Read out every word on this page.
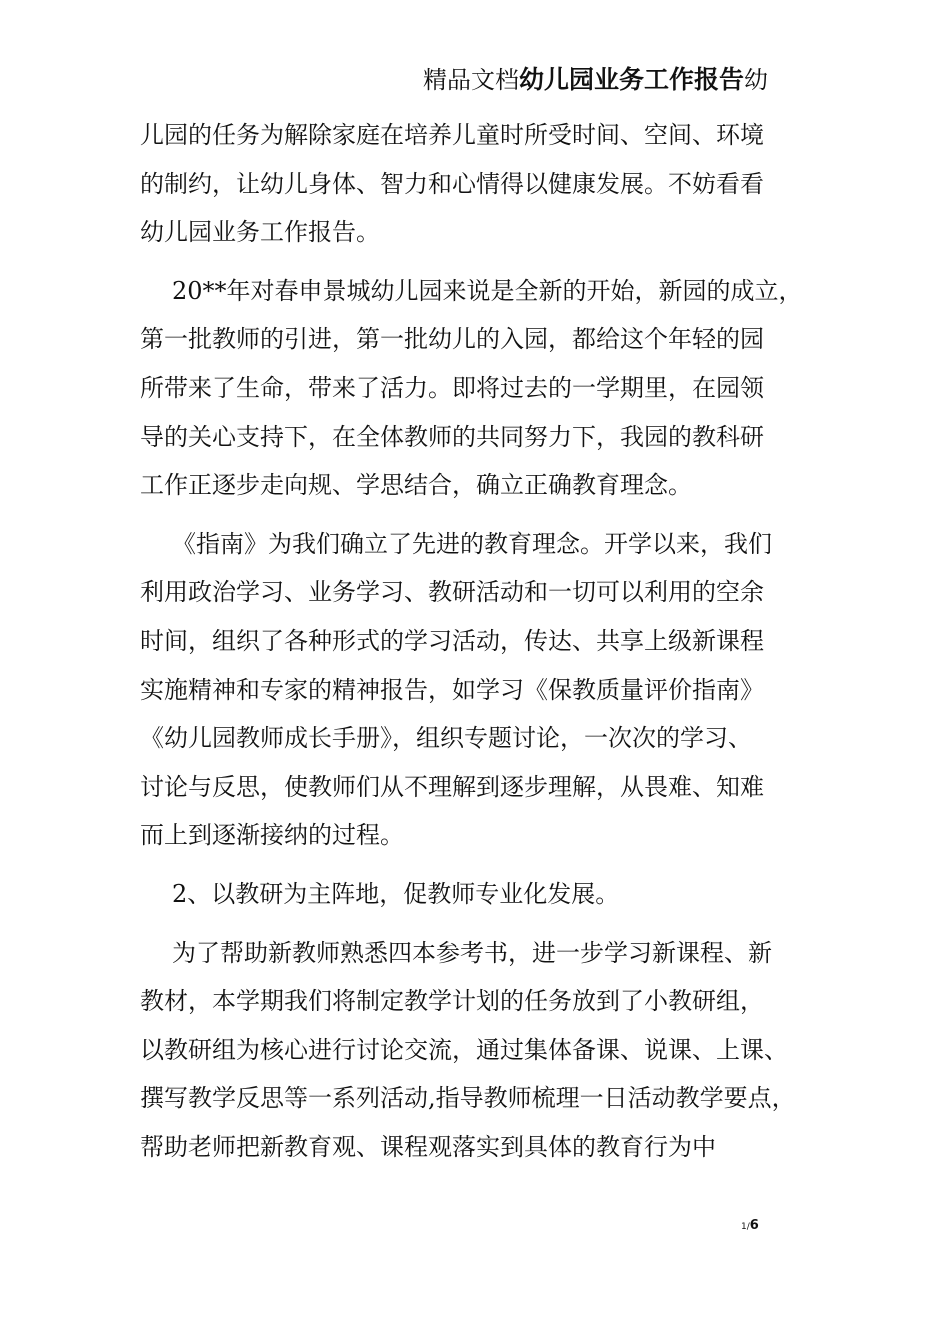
精品文档幼儿园业务工作报告幼
儿园的任务为解除家庭在培养儿童时所受时间、空间、环境
的制约，让幼儿身体、智力和心情得以健康发展。不妨看看
幼儿园业务工作报告。
20**年对春申景城幼儿园来说是全新的开始，新园的成立，
第一批教师的引进，第一批幼儿的入园，都给这个年轻的园
所带来了生命，带来了活力。即将过去的一学期里，在园领
导的关心支持下，在全体教师的共同努力下，我园的教科研
工作正逐步走向规、学思结合，确立正确教育理念。
《指南》为我们确立了先进的教育理念。开学以来，我们
利用政治学习、业务学习、教研活动和一切可以利用的空余
时间，组织了各种形式的学习活动，传达、共享上级新课程
实施精神和专家的精神报告，如学习《保教质量评价指南》
《幼儿园教师成长手册》，组织专题讨论，一次次的学习、
讨论与反思，使教师们从不理解到逐步理解，从畏难、知难
而上到逐渐接纳的过程。
2、以教研为主阵地，促教师专业化发展。
为了帮助新教师熟悉四本参考书，进一步学习新课程、新
教材，本学期我们将制定教学计划的任务放到了小教研组，
以教研组为核心进行讨论交流，通过集体备课、说课、上课、
撰写教学反思等一系列活动,指导教师梳理一日活动教学要点，
帮助老师把新教育观、课程观落实到具体的教育行为中
1/6
